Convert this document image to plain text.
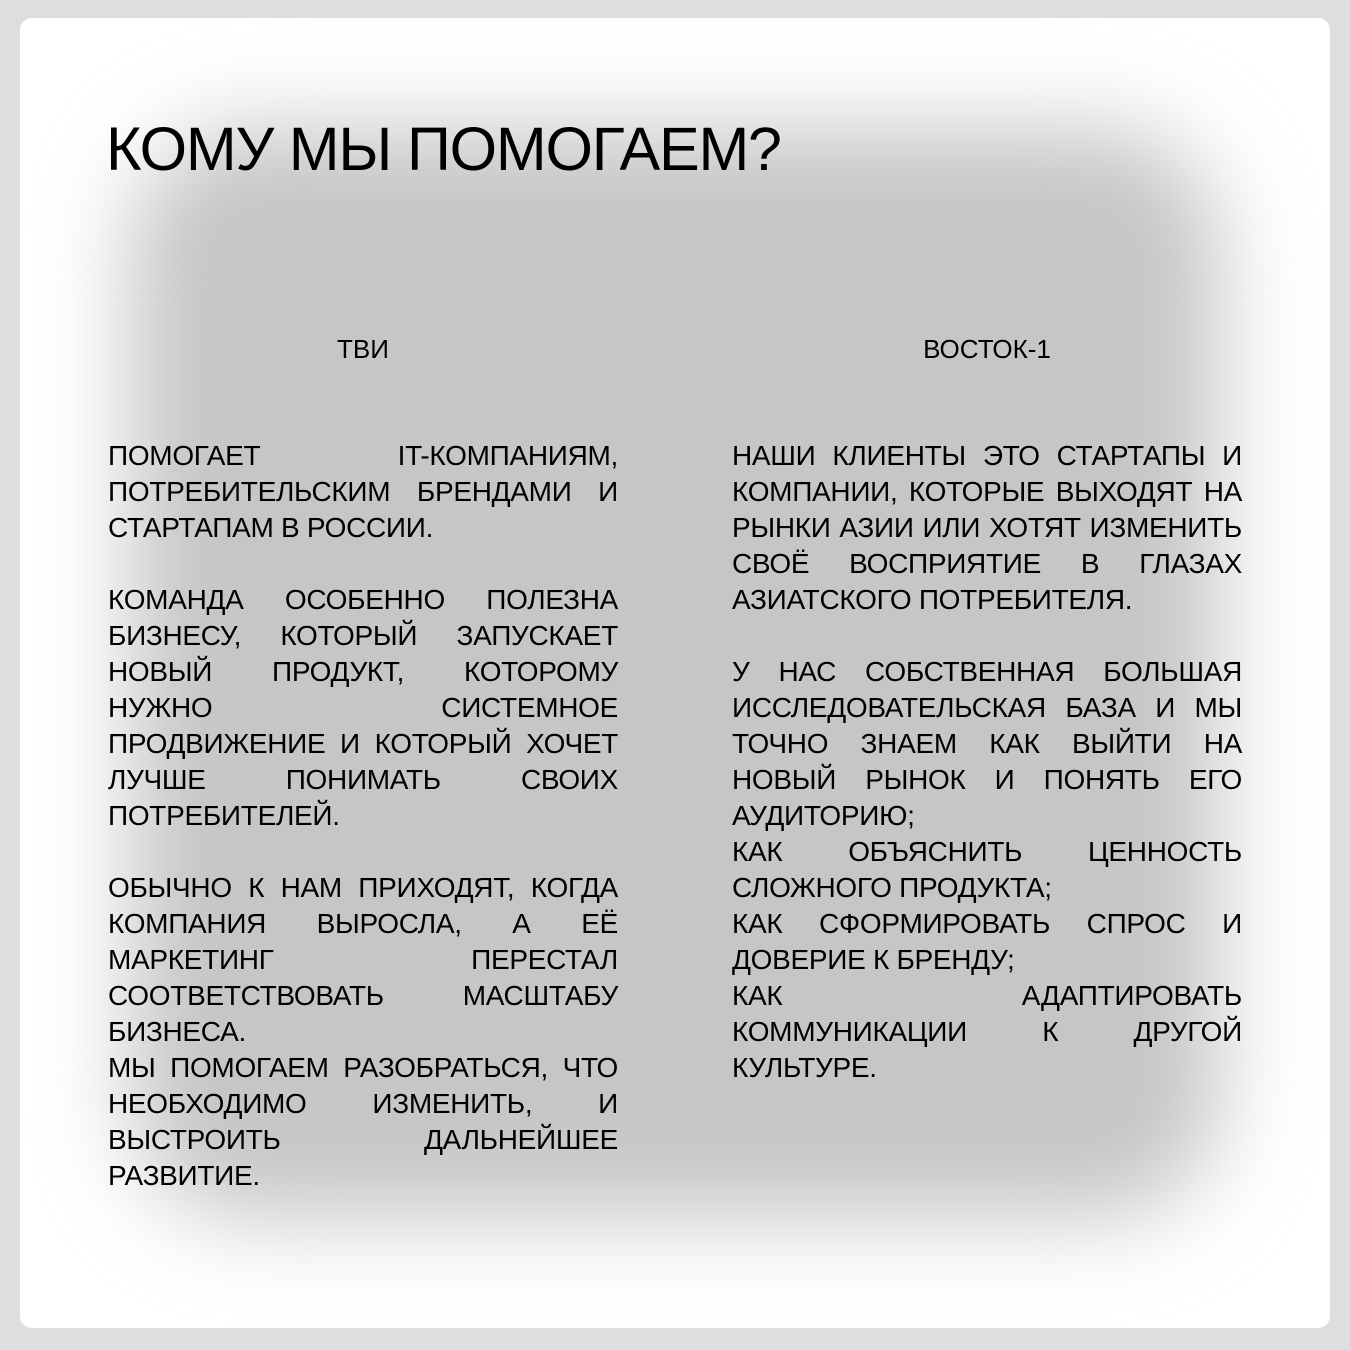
КОМУ МЫ ПОМОГАЕМ?
ТВИ	ВОСТОК-1

ПОМОГАЕТ IT-КОМПАНИЯМ, ПОТРЕБИТЕЛЬСКИМ БРЕНДАМИ И СТАРТАПАМ В РОССИИ.

КОМАНДА ОСОБЕННО ПОЛЕЗНА БИЗНЕСУ, КОТОРЫЙ ЗАПУСКАЕТ НОВЫЙ ПРОДУКТ, КОТОРОМУ НУЖНО СИСТЕМНОЕ ПРОДВИЖЕНИЕ И КОТОРЫЙ ХОЧЕТ ЛУЧШЕ ПОНИМАТЬ СВОИХ ПОТРЕБИТЕЛЕЙ.

ОБЫЧНО К НАМ ПРИХОДЯТ, КОГДА КОМПАНИЯ ВЫРОСЛА, А ЕЁ МАРКЕТИНГ ПЕРЕСТАЛ СООТВЕТСТВОВАТЬ МАСШТАБУ БИЗНЕСА.

МЫ ПОМОГАЕМ РАЗОБРАТЬСЯ, ЧТО НЕОБХОДИМО ИЗМЕНИТЬ, И ВЫСТРОИТЬ ДАЛЬНЕЙШЕЕ РАЗВИТИЕ.

НАШИ КЛИЕНТЫ ЭТО СТАРТАПЫ И КОМПАНИИ, КОТОРЫЕ ВЫХОДЯТ НА РЫНКИ АЗИИ ИЛИ ХОТЯТ ИЗМЕНИТЬ СВОЁ ВОСПРИЯТИЕ В ГЛАЗАХ АЗИАТСКОГО ПОТРЕБИТЕЛЯ.

У НАС СОБСТВЕННАЯ БОЛЬШАЯ ИССЛЕДОВАТЕЛЬСКАЯ БАЗА И МЫ ТОЧНО ЗНАЕМ КАК ВЫЙТИ НА НОВЫЙ РЫНОК И ПОНЯТЬ ЕГО АУДИТОРИЮ;

КАК ОБЪЯСНИТЬ ЦЕННОСТЬ СЛОЖНОГО ПРОДУКТА;

КАК СФОРМИРОВАТЬ СПРОС И ДОВЕРИЕ К БРЕНДУ;

КАК АДАПТИРОВАТЬ КОММУНИКАЦИИ К ДРУГОЙ КУЛЬТУРЕ.
